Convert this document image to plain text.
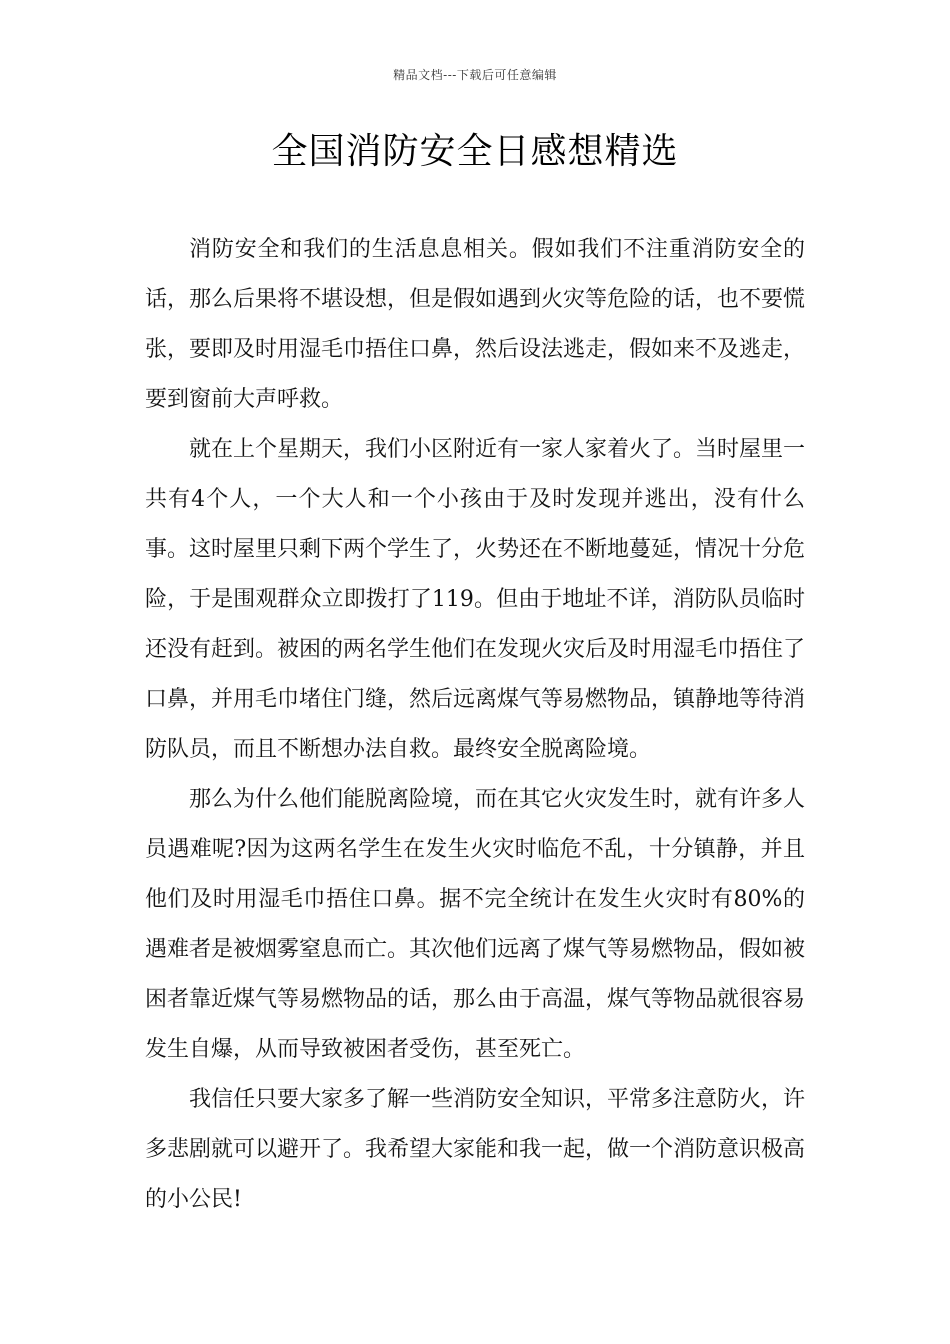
精品文档---下载后可任意编辑
全国消防安全日感想精选

消防安全和我们的生活息息相关。假如我们不注重消防安全的话，那么后果将不堪设想，但是假如遇到火灾等危险的话，也不要慌张，要即及时用湿毛巾捂住口鼻，然后设法逃走，假如来不及逃走，要到窗前大声呼救。

就在上个星期天，我们小区附近有一家人家着火了。当时屋里一共有4个人，一个大人和一个小孩由于及时发现并逃出，没有什么事。这时屋里只剩下两个学生了，火势还在不断地蔓延，情况十分危险，于是围观群众立即拨打了119。但由于地址不详，消防队员临时还没有赶到。被困的两名学生他们在发现火灾后及时用湿毛巾捂住了口鼻，并用毛巾堵住门缝，然后远离煤气等易燃物品，镇静地等待消防队员，而且不断想办法自救。最终安全脱离险境。

那么为什么他们能脱离险境，而在其它火灾发生时，就有许多人员遇难呢?因为这两名学生在发生火灾时临危不乱，十分镇静，并且他们及时用湿毛巾捂住口鼻。据不完全统计在发生火灾时有80%的遇难者是被烟雾窒息而亡。其次他们远离了煤气等易燃物品，假如被困者靠近煤气等易燃物品的话，那么由于高温，煤气等物品就很容易发生自爆，从而导致被困者受伤，甚至死亡。

我信任只要大家多了解一些消防安全知识，平常多注意防火，许多悲剧就可以避开了。我希望大家能和我一起，做一个消防意识极高的小公民!
